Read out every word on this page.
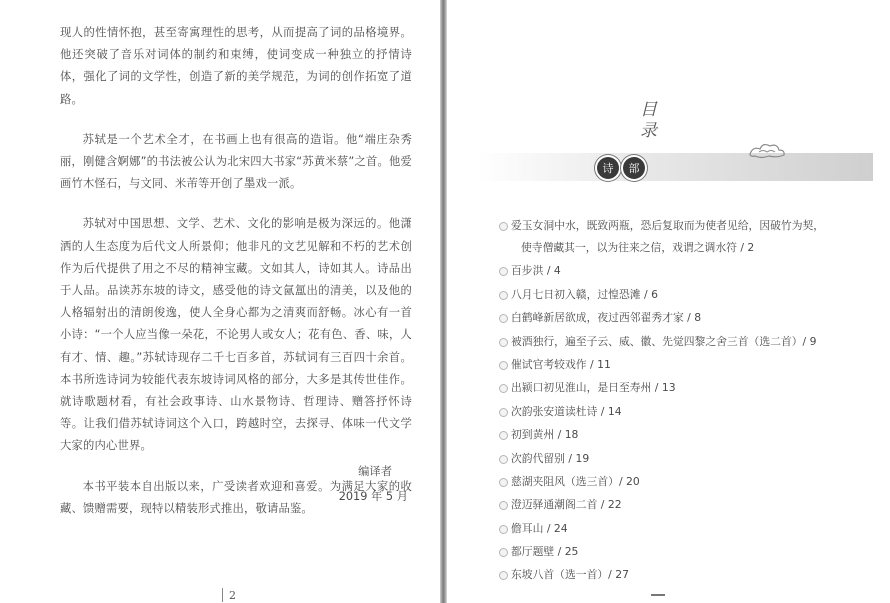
现人的性情怀抱，甚至寄寓理性的思考，从而提高了词的品格境界。他还突破了音乐对词体的制约和束缚，使词变成一种独立的抒情诗体，强化了词的文学性，创造了新的美学规范，为词的创作拓宽了道路。

苏轼是一个艺术全才，在书画上也有很高的造诣。他“端庄杂秀丽，刚健含婀娜”的书法被公认为北宋四大书家“苏黄米蔡”之首。他爱画竹木怪石，与文同、米芾等开创了墨戏一派。

苏轼对中国思想、文学、艺术、文化的影响是极为深远的。他潇洒的人生态度为后代文人所景仰；他非凡的文艺见解和不朽的艺术创作为后代提供了用之不尽的精神宝藏。文如其人，诗如其人。诗品出于人品。品读苏东坡的诗文，感受他的诗文氤氲出的清美，以及他的人格辐射出的清朗俊逸，使人全身心都为之清爽而舒畅。冰心有一首小诗：“一个人应当像一朵花，不论男人或女人；花有色、香、味，人有才、情、趣。”苏轼诗现存二千七百多首，苏轼词有三百四十余首。本书所选诗词为较能代表东坡诗词风格的部分，大多是其传世佳作。就诗歌题材看，有社会政事诗、山水景物诗、哲理诗、赠答抒怀诗等。让我们借苏轼诗词这个入口，跨越时空，去探寻、体味一代文学大家的内心世界。

本书平装本自出版以来，广受读者欢迎和喜爱。为满足大家的收藏、馈赠需要，现特以精装形式推出，敬请品鉴。

编译者
2019 年 5 月
2
目
录
诗	部
爱玉女洞中水，既致两瓶，恐后复取而为使者见给，因破竹为契，
使寺僧藏其一，以为往来之信，戏谓之调水符 / 2
百步洪 / 4
八月七日初入赣，过惶恐滩 / 6
白鹤峰新居欲成，夜过西邻翟秀才家 / 8
被酒独行，遍至子云、威、徽、先觉四黎之舍三首（选二首）/ 9
催试官考较戏作 / 11
出颍口初见淮山，是日至寿州 / 13
次韵张安道读杜诗 / 14
初到黄州 / 18
次韵代留别 / 19
慈湖夹阻风（选三首）/ 20
澄迈驿通潮阁二首 / 22
儋耳山 / 24
都厅题壁 / 25
东坡八首（选一首）/ 27
